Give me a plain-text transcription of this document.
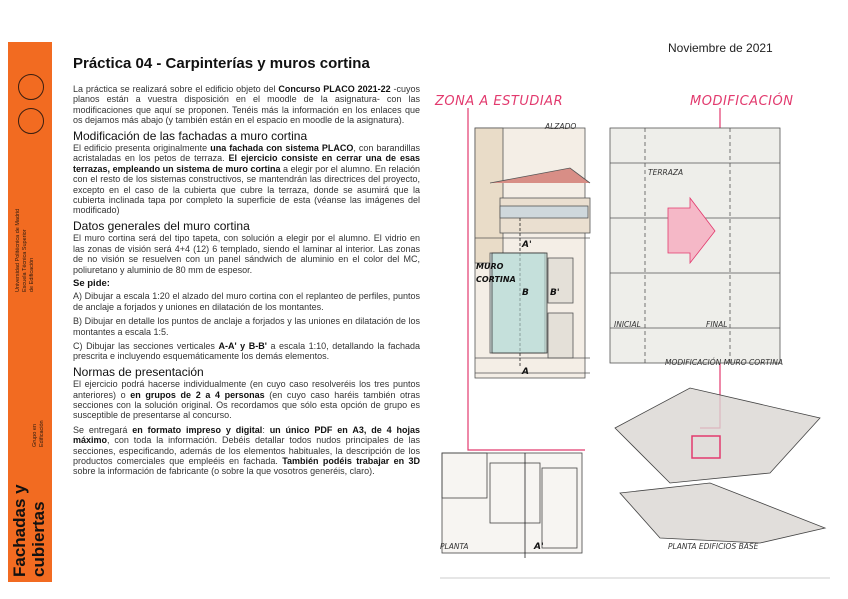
Universidad Politécnica de Madrid Escuela Técnica Superior de Edificación
Grupo en Edificación
Fachadas y cubiertas
Noviembre de 2021
Práctica 04 - Carpinterías y muros cortina

La práctica se realizará sobre el edificio objeto del Concurso PLACO 2021-22 -cuyos planos están a vuestra disposición en el moodle de la asignatura- con las modificaciones que aquí se proponen. Tenéis más la información en los enlaces que os dejamos más abajo (y también están en el espacio en moodle de la asignatura).

Modificación de las fachadas a muro cortina

El edificio presenta originalmente una fachada con sistema PLACO, con barandillas acristaladas en los petos de terraza. El ejercicio consiste en cerrar una de esas terrazas, empleando un sistema de muro cortina a elegir por el alumno. En relación con el resto de los sistemas constructivos, se mantendrán las directrices del proyecto, excepto en el caso de la cubierta que cubre la terraza, donde se asumirá que la cubierta inclinada tapa por completo la superficie de esta (véanse las imágenes del modificado)

Datos generales del muro cortina

El muro cortina será del tipo tapeta, con solución a elegir por el alumno. El vidrio en las zonas de visión será 4+4 (12) 6 templado, siendo el laminar al interior. Las zonas de no visión se resuelven con un panel sándwich de aluminio en el color del MC, poliuretano y aluminio de 80 mm de espesor.

Se pide:

A) Dibujar a escala 1:20 el alzado del muro cortina con el replanteo de perfiles, puntos de anclaje a forjados y uniones en dilatación de los montantes.

B) Dibujar en detalle los puntos de anclaje a forjados y las uniones en dilatación de los montantes a escala 1:5.

C) Dibujar las secciones verticales A-A' y B-B' a escala 1:10, detallando la fachada prescrita e incluyendo esquemáticamente los demás elementos.

Normas de presentación

El ejercicio podrá hacerse individualmente (en cuyo caso resolveréis los tres puntos anteriores) o en grupos de 2 a 4 personas (en cuyo caso haréis también otras secciones con la solución original. Os recordamos que sólo esta opción de grupo es susceptible de presentarse al concurso.

Se entregará en formato impreso y digital: un único PDF en A3, de 4 hojas máximo, con toda la información. Debéis detallar todos nudos principales de las secciones, especificando, además de los elementos habituales, la descripción de los productos comerciales que empleéis en fachada. También podéis trabajar en 3D sobre la información de fabricante (o sobre la que vosotros generéis, claro).

ZONA A ESTUDIAR	MODIFICACIÓN
ALZADO
MURO
CORTINA
A'
A
B B'
TERRAZA
INICIAL	FINAL
MODIFICACIÓN MURO CORTINA
PLANTA	A'	PLANTA EDIFICIOS BASE
